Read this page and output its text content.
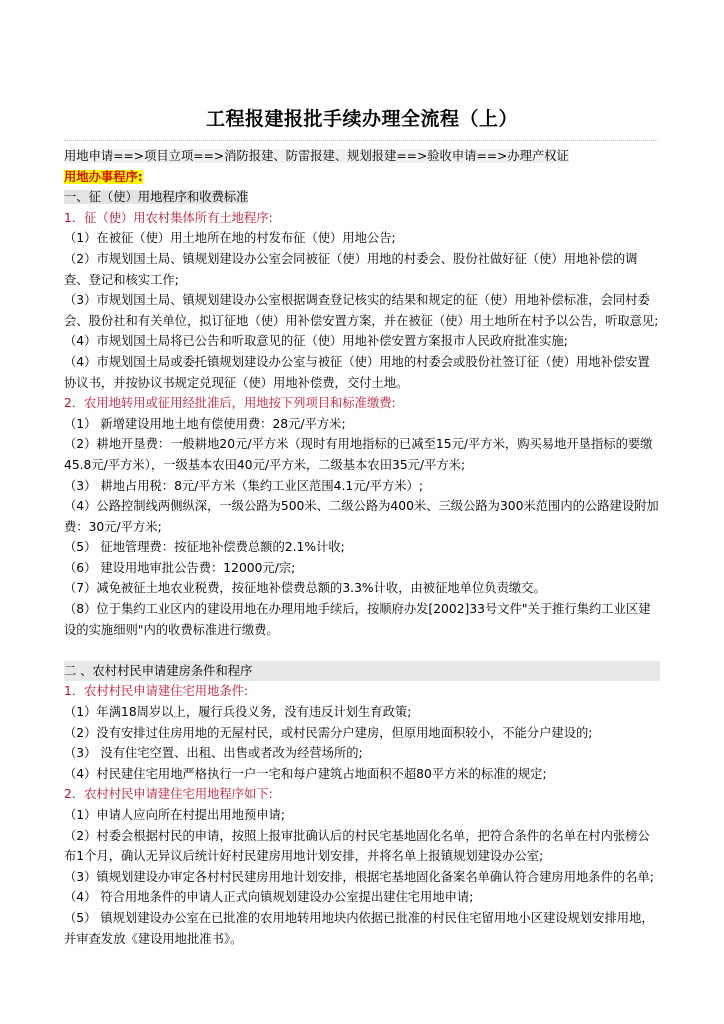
工程报建报批手续办理全流程（上）

用地申请==>项目立项==>消防报建、防雷报建、规划报建==>验收申请==>办理产权证

用地办事程序:

一、征（使）用地程序和收费标准

1．征（使）用农村集体所有土地程序:

（1）在被征（使）用土地所在地的村发布征（使）用地公告;

（2）市规划国土局、镇规划建设办公室会同被征（使）用地的村委会、股份社做好征（使）用地补偿的调查、登记和核实工作;

（3）市规划国土局、镇规划建设办公室根据调查登记核实的结果和规定的征（使）用地补偿标准，会同村委会、股份社和有关单位，拟订征地（使）用补偿安置方案，并在被征（使）用土地所在村予以公告，听取意见;

（4）市规划国土局将已公告和听取意见的征（使）用地补偿安置方案报市人民政府批准实施;

（4）市规划国土局或委托镇规划建设办公室与被征（使）用地的村委会或股份社签订征（使）用地补偿安置协议书，并按协议书规定兑现征（使）用地补偿费，交付土地。

2．农用地转用或征用经批准后，用地按下列项目和标准缴费:

（1） 新增建设用地土地有偿使用费：28元/平方米;

（2）耕地开垦费：一般耕地20元/平方米（现时有用地指标的已减至15元/平方米，购买易地开垦指标的要缴45.8元/平方米），一级基本农田40元/平方米，二级基本农田35元/平方米;

（3） 耕地占用税：8元/平方米（集约工业区范围4.1元/平方米）;

（4）公路控制线两侧纵深，一级公路为500米、二级公路为400米、三级公路为300米范围内的公路建设附加费：30元/平方米;

（5） 征地管理费：按征地补偿费总额的2.1%计收;

（6） 建设用地审批公告费：12000元/宗;

（7）减免被征土地农业税费，按征地补偿费总额的3.3%计收，由被征地单位负责缴交。

（8）位于集约工业区内的建设用地在办理用地手续后，按顺府办发[2002]33号文件"关于推行集约工业区建设的实施细则"内的收费标准进行缴费。

二 、农村村民申请建房条件和程序

1．农村村民申请建住宅用地条件:

（1）年满18周岁以上，履行兵役义务，没有违反计划生育政策;

（2）没有安排过住房用地的无屋村民，或村民需分户建房，但原用地面积较小，不能分户建设的;

（3） 没有住宅空置、出租、出售或者改为经营场所的;

（4）村民建住宅用地严格执行一户一宅和每户建筑占地面积不超80平方米的标准的规定;

2．农村村民申请建住宅用地程序如下:

（1）申请人应向所在村提出用地预申请;

（2）村委会根据村民的申请，按照上报审批确认后的村民宅基地固化名单，把符合条件的名单在村内张榜公布1个月，确认无异议后统计好村民建房用地计划安排，并将名单上报镇规划建设办公室;

（3）镇规划建设办审定各村村民建房用地计划安排，根据宅基地固化备案名单确认符合建房用地条件的名单;

（4） 符合用地条件的申请人正式向镇规划建设办公室提出建住宅用地申请;

（5） 镇规划建设办公室在已批准的农用地转用地块内依据已批准的村民住宅留用地小区建设规划安排用地，并审查发放《建设用地批准书》。
